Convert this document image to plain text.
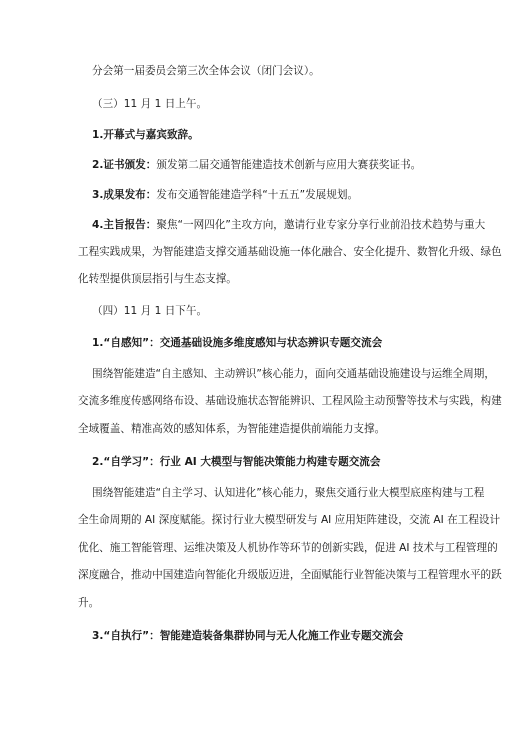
分会第一届委员会第三次全体会议（闭门会议）。
（三）11 月 1 日上午。
1.开幕式与嘉宾致辞。
2.证书颁发：颁发第二届交通智能建造技术创新与应用大赛获奖证书。
3.成果发布：发布交通智能建造学科“十五五”发展规划。
4.主旨报告：聚焦“一网四化”主攻方向，邀请行业专家分享行业前沿技术趋势与重大
工程实践成果，为智能建造支撑交通基础设施一体化融合、安全化提升、数智化升级、绿色
化转型提供顶层指引与生态支撑。
（四）11 月 1 日下午。
1.“自感知”：交通基础设施多维度感知与状态辨识专题交流会
围绕智能建造“自主感知、主动辨识”核心能力，面向交通基础设施建设与运维全周期，
交流多维度传感网络布设、基础设施状态智能辨识、工程风险主动预警等技术与实践，构建
全域覆盖、精准高效的感知体系，为智能建造提供前端能力支撑。
2.“自学习”：行业 AI 大模型与智能决策能力构建专题交流会
围绕智能建造“自主学习、认知进化”核心能力，聚焦交通行业大模型底座构建与工程
全生命周期的 AI 深度赋能。探讨行业大模型研发与 AI 应用矩阵建设，交流 AI 在工程设计
优化、施工智能管理、运维决策及人机协作等环节的创新实践，促进 AI 技术与工程管理的
深度融合，推动中国建造向智能化升级版迈进，全面赋能行业智能决策与工程管理水平的跃
升。
3.“自执行”：智能建造装备集群协同与无人化施工作业专题交流会
